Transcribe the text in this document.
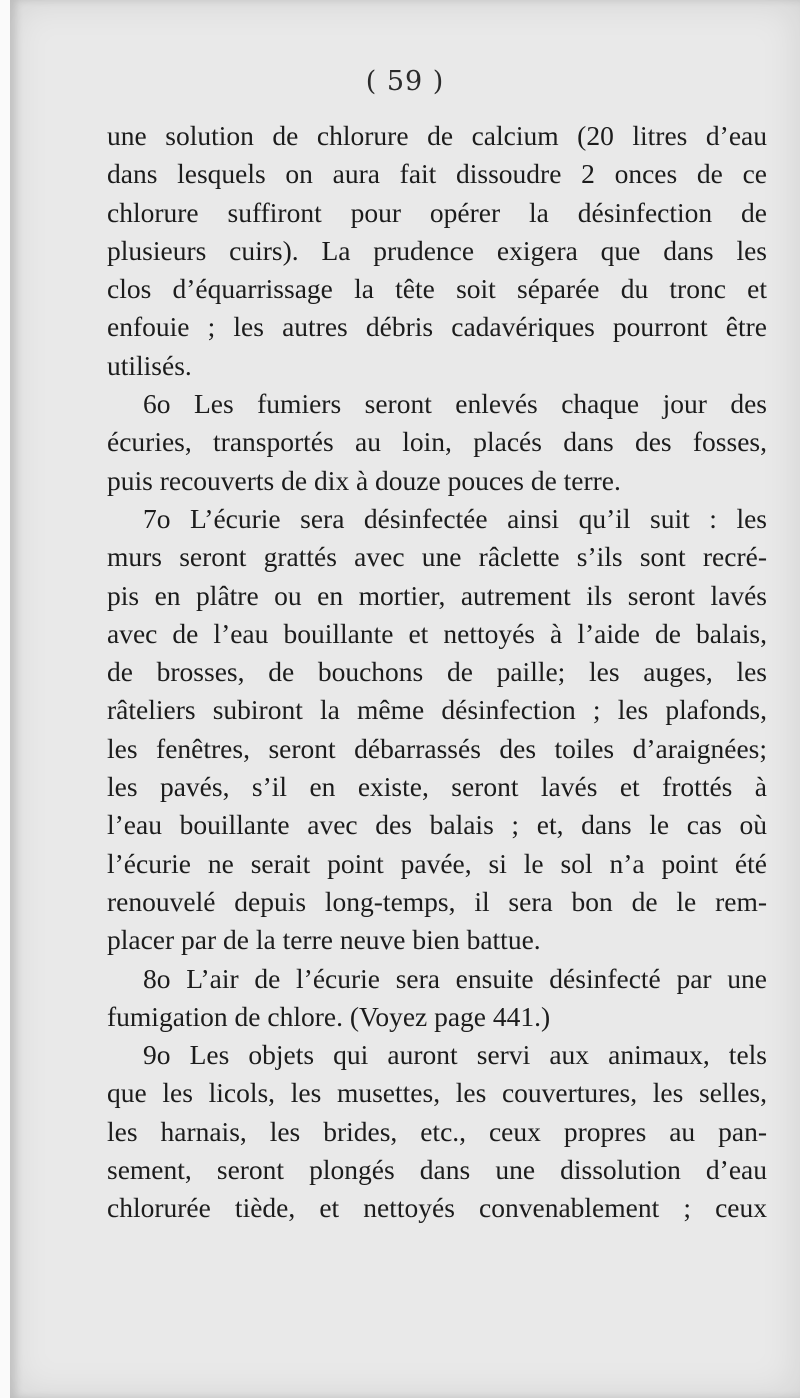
( 59 )
une solution de chlorure de calcium (20 litres d’eau
dans lesquels on aura fait dissoudre 2 onces de ce
chlorure suffiront pour opérer la désinfection de
plusieurs cuirs). La prudence exigera que dans les
clos d’équarrissage la tête soit séparée du tronc et
enfouie ; les autres débris cadavériques pourront être
utilisés.
6o Les fumiers seront enlevés chaque jour des
écuries, transportés au loin, placés dans des fosses,
puis recouverts de dix à douze pouces de terre.
7o L’écurie sera désinfectée ainsi qu’il suit : les
murs seront grattés avec une râclette s’ils sont recré-
pis en plâtre ou en mortier, autrement ils seront lavés
avec de l’eau bouillante et nettoyés à l’aide de balais,
de brosses, de bouchons de paille; les auges, les
râteliers subiront la même désinfection ; les plafonds,
les fenêtres, seront débarrassés des toiles d’araignées;
les pavés, s’il en existe, seront lavés et frottés à
l’eau bouillante avec des balais ; et, dans le cas où
l’écurie ne serait point pavée, si le sol n’a point été
renouvelé depuis long-temps, il sera bon de le rem-
placer par de la terre neuve bien battue.
8o L’air de l’écurie sera ensuite désinfecté par une
fumigation de chlore. (Voyez page 441.)
9o Les objets qui auront servi aux animaux, tels
que les licols, les musettes, les couvertures, les selles,
les harnais, les brides, etc., ceux propres au pan-
sement, seront plongés dans une dissolution d’eau
chlorurée tiède, et nettoyés convenablement ; ceux
